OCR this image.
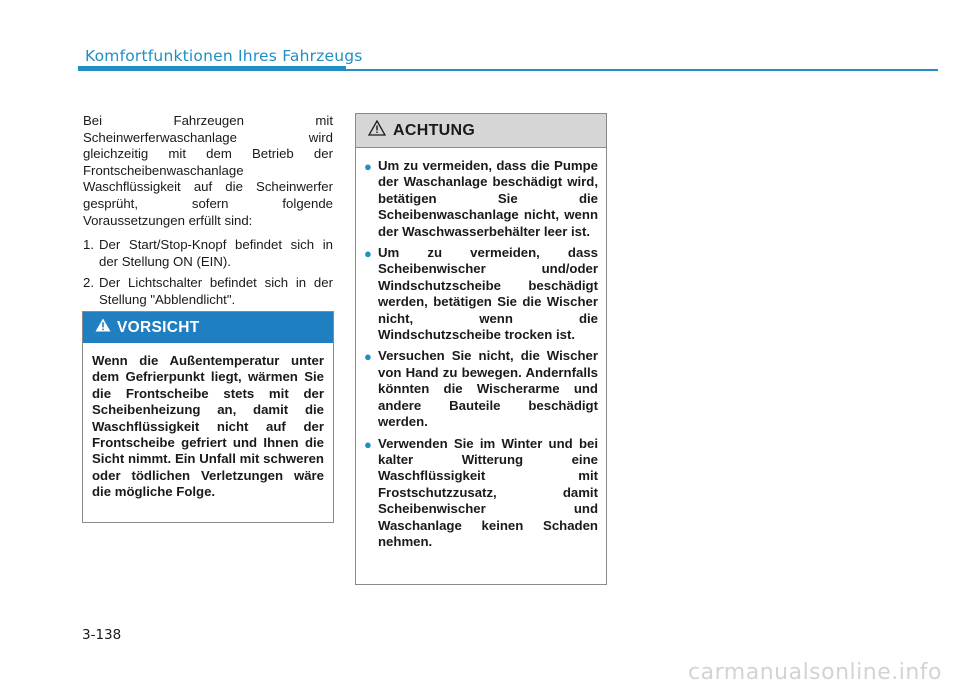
Komfortfunktionen Ihres Fahrzeugs

Bei Fahrzeugen mit Scheinwerferwaschanlage wird gleichzeitig mit dem Betrieb der Frontscheibenwaschanlage Waschflüssigkeit auf die Scheinwerfer gesprüht, sofern folgende Voraussetzungen erfüllt sind:

1. Der Start/Stop-Knopf befindet sich in der Stellung ON (EIN).
2. Der Lichtschalter befindet sich in der Stellung "Abblendlicht".
VORSICHT
Wenn die Außentemperatur unter dem Gefrierpunkt liegt, wärmen Sie die Frontscheibe stets mit der Scheibenheizung an, damit die Waschflüssigkeit nicht auf der Frontscheibe gefriert und Ihnen die Sicht nimmt. Ein Unfall mit schweren oder tödlichen Verletzungen wäre die mögliche Folge.
ACHTUNG
● Um zu vermeiden, dass die Pumpe der Waschanlage beschädigt wird, betätigen Sie die Scheibenwaschanlage nicht, wenn der Waschwasserbehälter leer ist.
● Um zu vermeiden, dass Scheibenwischer und/oder Windschutzscheibe beschädigt werden, betätigen Sie die Wischer nicht, wenn die Windschutzscheibe trocken ist.
● Versuchen Sie nicht, die Wischer von Hand zu bewegen. Andernfalls könnten die Wischerarme und andere Bauteile beschädigt werden.
● Verwenden Sie im Winter und bei kalter Witterung eine Waschflüssigkeit mit Frostschutzzusatz, damit Scheibenwischer und Waschanlage keinen Schaden nehmen.
3-138
carmanualsonline.info
